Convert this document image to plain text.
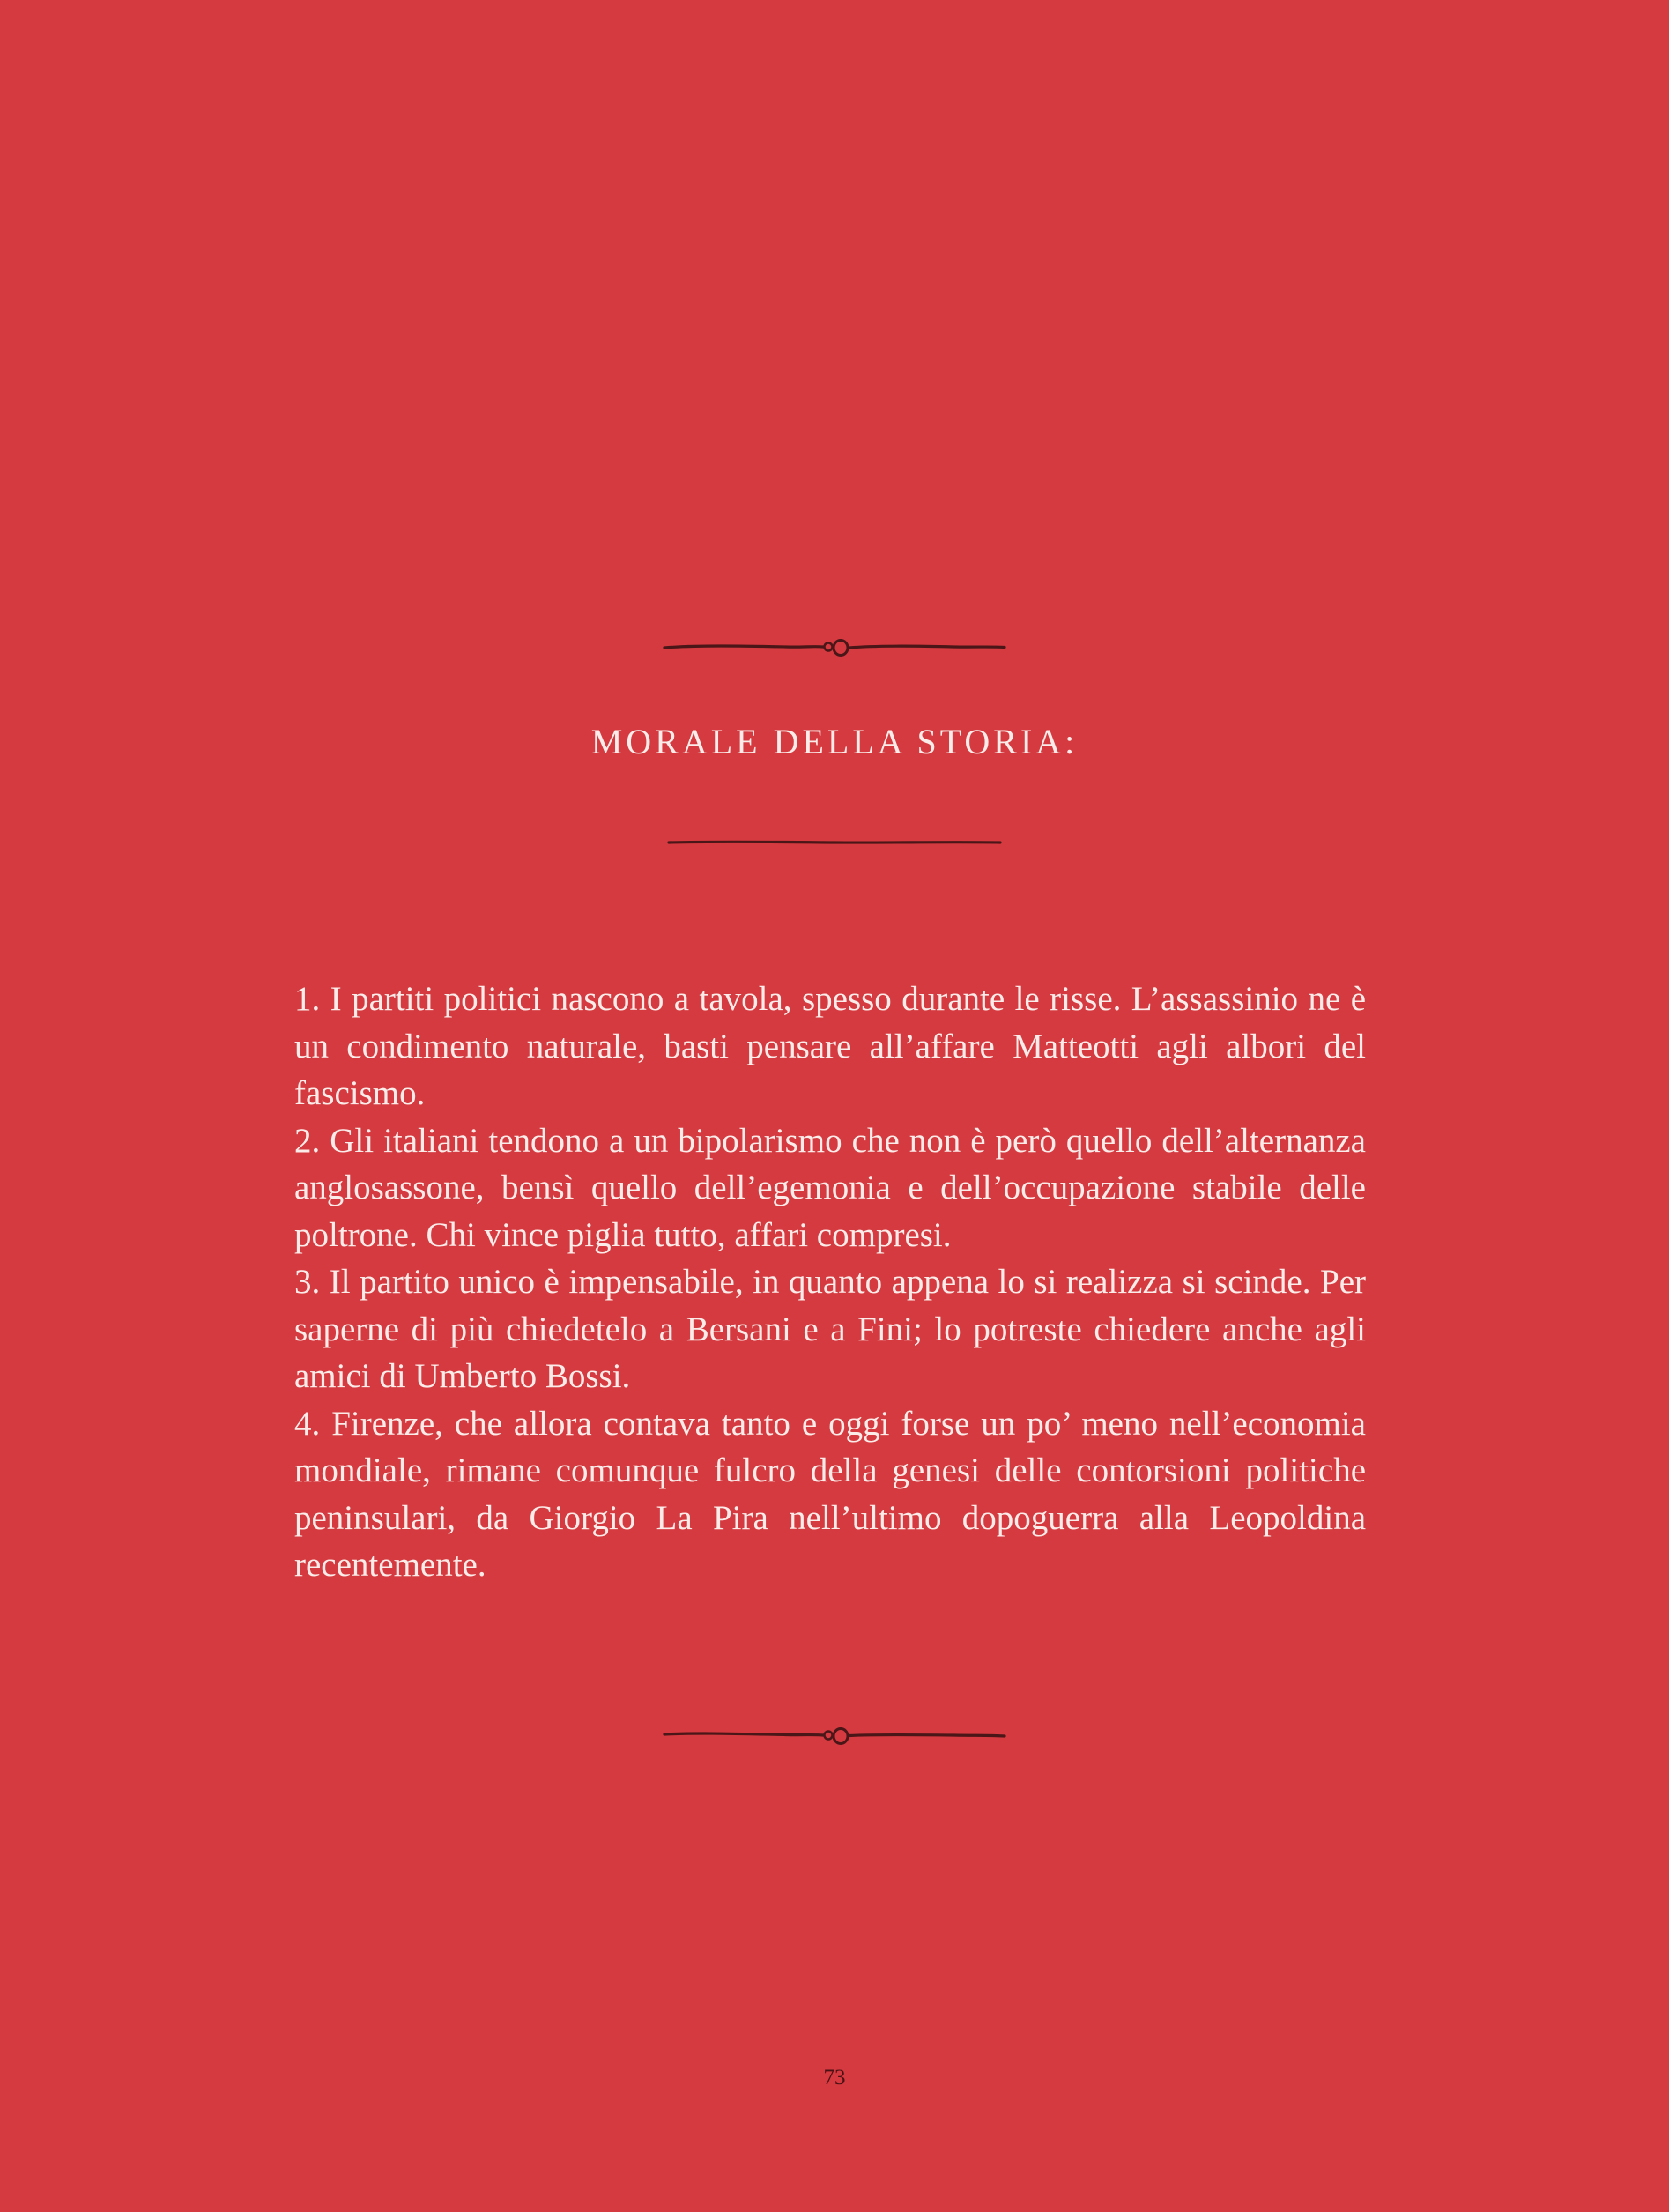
MORALE DELLA STORIA:
1. I partiti politici nascono a tavola, spesso durante le risse. L’assassinio ne è un condimento naturale, basti pensare all’affare Matteotti agli albori del fascismo.
2. Gli italiani tendono a un bipolarismo che non è però quello dell’alternanza anglosassone, bensì quello dell’egemonia e dell’occupazione stabile delle poltrone. Chi vince piglia tutto, affari compresi.
3. Il partito unico è impensabile, in quanto appena lo si realizza si scinde. Per saperne di più chiedetelo a Bersani e a Fini; lo potreste chiedere anche agli amici di Umberto Bossi.
4. Firenze, che allora contava tanto e oggi forse un po’ meno nell’economia mondiale, rimane comunque fulcro della genesi delle contorsioni politiche peninsulari, da Giorgio La Pira nell’ultimo dopoguerra alla Leopoldina recentemente.
73
